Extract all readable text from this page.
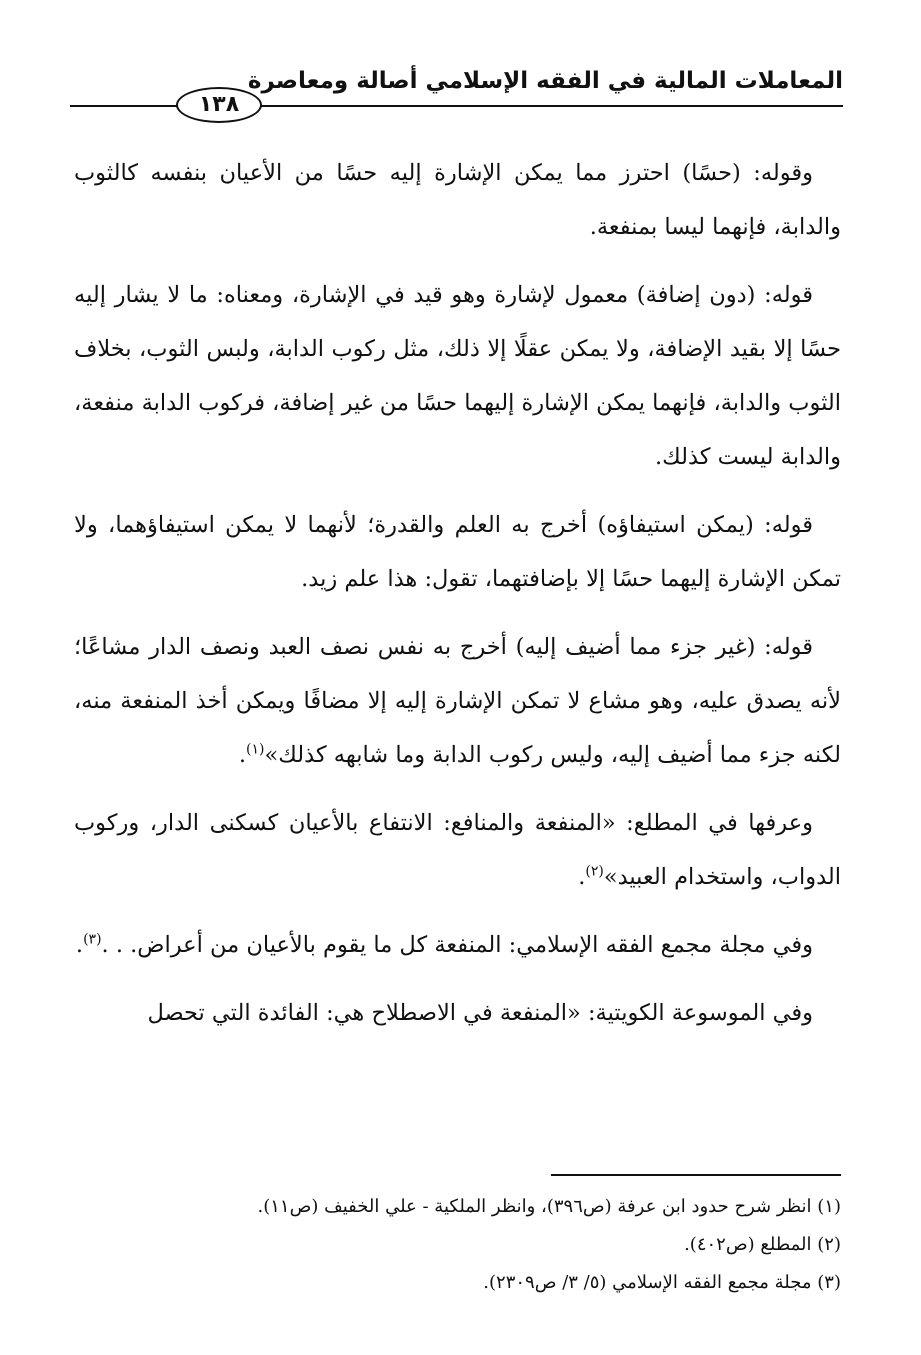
المعاملات المالية في الفقه الإسلامي أصالة ومعاصرة
١٣٨

وقوله: (حسًا) احترز مما يمكن الإشارة إليه حسًا من الأعيان بنفسه كالثوب والدابة، فإنهما ليسا بمنفعة.

قوله: (دون إضافة) معمول لإشارة وهو قيد في الإشارة، ومعناه: ما لا يشار إليه حسًا إلا بقيد الإضافة، ولا يمكن عقلًا إلا ذلك، مثل ركوب الدابة، ولبس الثوب، بخلاف الثوب والدابة، فإنهما يمكن الإشارة إليهما حسًا من غير إضافة، فركوب الدابة منفعة، والدابة ليست كذلك.

قوله: (يمكن استيفاؤه) أخرج به العلم والقدرة؛ لأنهما لا يمكن استيفاؤهما، ولا تمكن الإشارة إليهما حسًا إلا بإضافتهما، تقول: هذا علم زيد.

قوله: (غير جزء مما أضيف إليه) أخرج به نفس نصف العبد ونصف الدار مشاعًا؛ لأنه يصدق عليه، وهو مشاع لا تمكن الإشارة إليه إلا مضافًا ويمكن أخذ المنفعة منه، لكنه جزء مما أضيف إليه، وليس ركوب الدابة وما شابهه كذلك»$^{(١)}$.

وعرفها في المطلع: «المنفعة والمنافع: الانتفاع بالأعيان كسكنى الدار، وركوب الدواب، واستخدام العبيد»$^{(٢)}$.

وفي مجلة مجمع الفقه الإسلامي: المنفعة كل ما يقوم بالأعيان من أعراض. . .$^{(٣)}$.

وفي الموسوعة الكويتية: «المنفعة في الاصطلاح هي: الفائدة التي تحصل

(١) انظر شرح حدود ابن عرفة (ص٣٩٦)، وانظر الملكية - علي الخفيف (ص١١).
(٢) المطلع (ص٤٠٢).
(٣) مجلة مجمع الفقه الإسلامي (٥/ ٣/ ص٢٣٠٩).
